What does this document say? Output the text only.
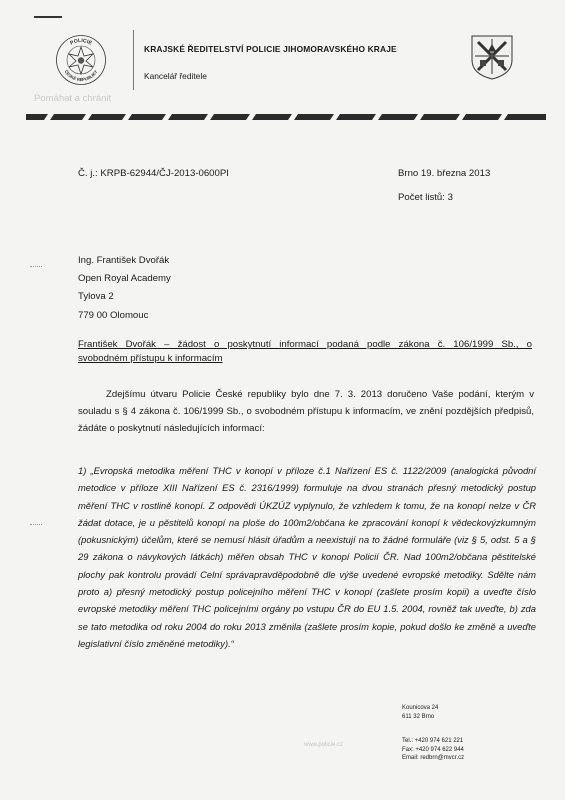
POLICIE
ČESKÉ REPUBLIKY
KRAJSKÉ ŘEDITELSTVÍ POLICIE JIHOMORAVSKÉHO KRAJE
Kancelář ředitele
Pomáhat a chránit
Č. j.: KRPB-62944/ČJ-2013-0600PI	Brno 19. března 2013
Počet listů: 3
Ing. František Dvořák
Open Royal Academy
Tylova 2
779 00 Olomouc
František Dvořák – žádost o poskytnutí informací podaná podle zákona č. 106/1999 Sb., o
svobodném přístupu k informacím
Zdejšímu útvaru Policie České republiky bylo dne 7. 3. 2013 doručeno Vaše podání, kterým v souladu s § 4 zákona č. 106/1999 Sb., o svobodném přístupu k informacím, ve znění pozdějších předpisů, žádáte o poskytnutí následujících informací:
1) „Evropská metodika měření THC v konopí v příloze č.1 Nařízení ES č. 1122/2009 (analogická původní metodice v příloze XIII Nařízení ES č. 2316/1999) formuluje na dvou stranách přesný metodický postup měření THC v rostlině konopí. Z odpovědi ÚKZÚZ vyplynulo, že vzhledem k tomu, že na konopí nelze v ČR žádat dotace, je u pěstitelů konopí na ploše do 100m2/občana ke zpracování konopí k vědeckovýzkumným (pokusnickým) účelům, které se nemusí hlásit úřadům a neexistují na to žádné formuláře (viz § 5, odst. 5 a § 29 zákona o návykových látkách) měřen obsah THC v konopí Policií ČR. Nad 100m2/občana pěstitelské plochy pak kontrolu provádí Celní správapravděpodobně dle výše uvedené evropské metodiky. Sdělte nám proto a) přesný metodický postup policejního měření THC v konopí (zašlete prosím kopii) a uveďte číslo evropské metodiky měření THC policejními orgány po vstupu ČR do EU 1.5. 2004, rovněž tak uveďte, b) zda se tato metodika od roku 2004 do roku 2013 změnila (zašlete prosím kopie, pokud došlo ke změně a uveďte legislativní číslo změněné metodiky).“
Kounicova 24
611 32 Brno
www.policie.cz
Tel.: +420 974 621 221
Fax: +420 974 622 944
Email: redbrn@mvcr.cz
